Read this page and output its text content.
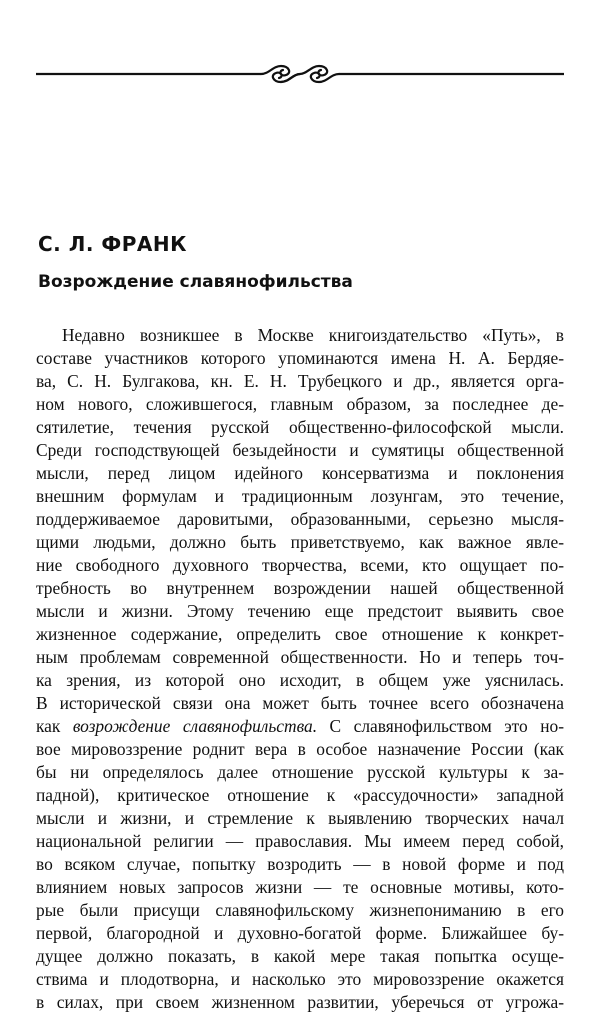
С. Л. ФРАНК
Возрождение славянофильства
Недавно возникшее в Москве книгоиздательство «Путь», в
составе участников которого упоминаются имена Н. А. Бердяе-
ва, С. Н. Булгакова, кн. Е. Н. Трубецкого и др., является орга-
ном нового, сложившегося, главным образом, за последнее де-
сятилетие, течения русской общественно-философской мысли.
Среди господствующей безыдейности и сумятицы общественной
мысли, перед лицом идейного консерватизма и поклонения
внешним формулам и традиционным лозунгам, это течение,
поддерживаемое даровитыми, образованными, серьезно мысля-
щими людьми, должно быть приветствуемо, как важное явле-
ние свободного духовного творчества, всеми, кто ощущает по-
требность во внутреннем возрождении нашей общественной
мысли и жизни. Этому течению еще предстоит выявить свое
жизненное содержание, определить свое отношение к конкрет-
ным проблемам современной общественности. Но и теперь точ-
ка зрения, из которой оно исходит, в общем уже уяснилась.
В исторической связи она может быть точнее всего обозначена
как возрождение славянофильства. С славянофильством это но-
вое мировоззрение роднит вера в особое назначение России (как
бы ни определялось далее отношение русской культуры к за-
падной), критическое отношение к «рассудочности» западной
мысли и жизни, и стремление к выявлению творческих начал
национальной религии — православия. Мы имеем перед собой,
во всяком случае, попытку возродить — в новой форме и под
влиянием новых запросов жизни — те основные мотивы, кото-
рые были присущи славянофильскому жизнепониманию в его
первой, благородной и духовно-богатой форме. Ближайшее бу-
дущее должно показать, в какой мере такая попытка осуще-
ствима и плодотворна, и насколько это мировоззрение окажется
в силах, при своем жизненном развитии, уберечься от угрожа-
